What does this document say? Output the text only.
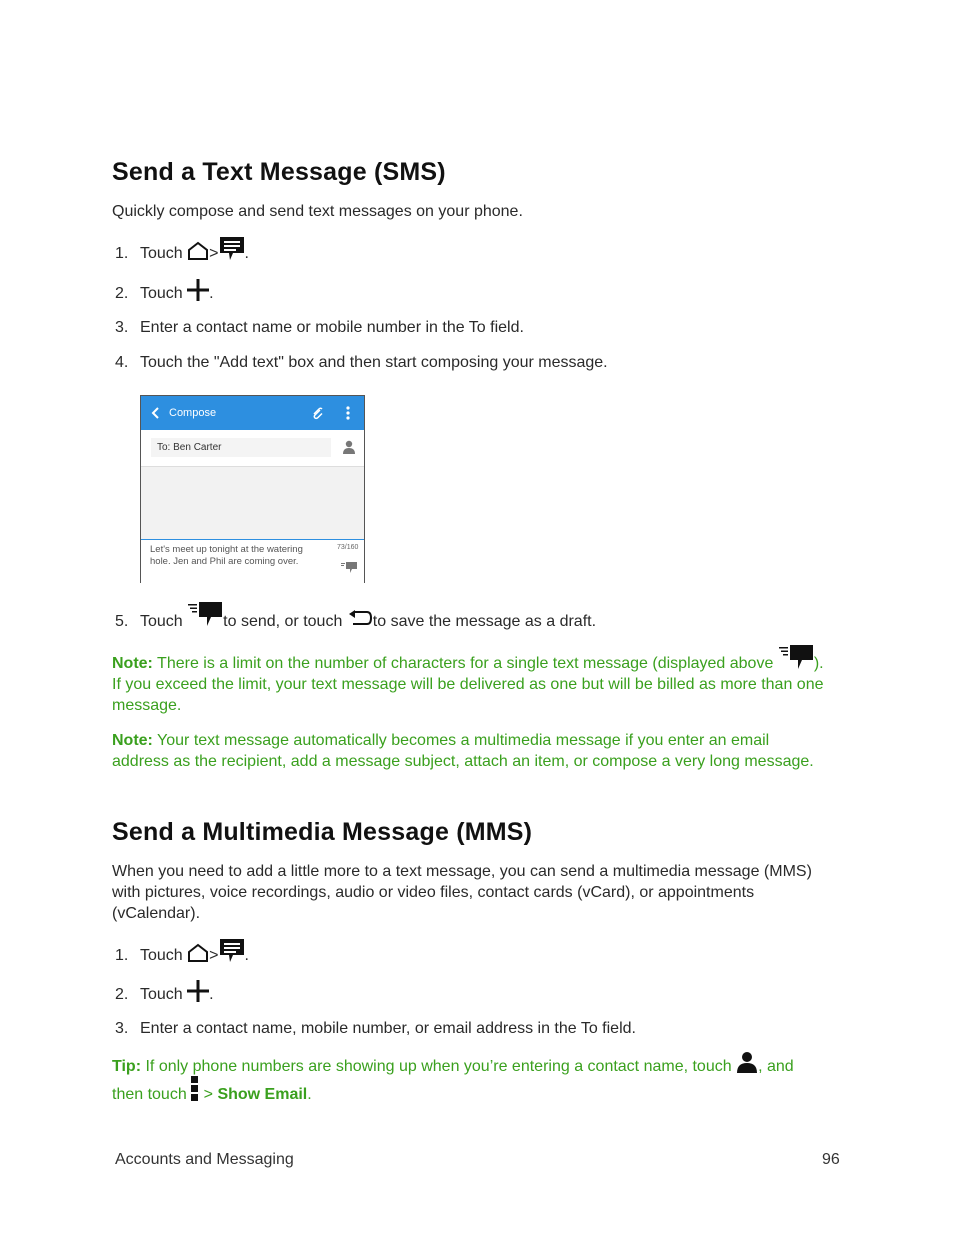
Send a Text Message (SMS)
Quickly compose and send text messages on your phone.
1. Touch > .
2. Touch .
3. Enter a contact name or mobile number in the To field.
4. Touch the "Add text" box and then start composing your message.
Compose
To: Ben Carter
Let's meet up tonight at the watering
hole. Jen and Phil are coming over.
73/160
5. Touch	to send, or touch to save the message as a draft.
Note: There is a limit on the number of characters for a single text message (displayed above	).
If you exceed the limit, your text message will be delivered as one but will be billed as more than one
message.
Note: Your text message automatically becomes a multimedia message if you enter an email
address as the recipient, add a message subject, attach an item, or compose a very long message.
Send a Multimedia Message (MMS)
When you need to add a little more to a text message, you can send a multimedia message (MMS)
with pictures, voice recordings, audio or video files, contact cards (vCard), or appointments
(vCalendar).
1. Touch > .
2. Touch .
3. Enter a contact name, mobile number, or email address in the To field.
Tip: If only phone numbers are showing up when you’re entering a contact name, touch , and
then touch > Show Email.
Accounts and Messaging	96
